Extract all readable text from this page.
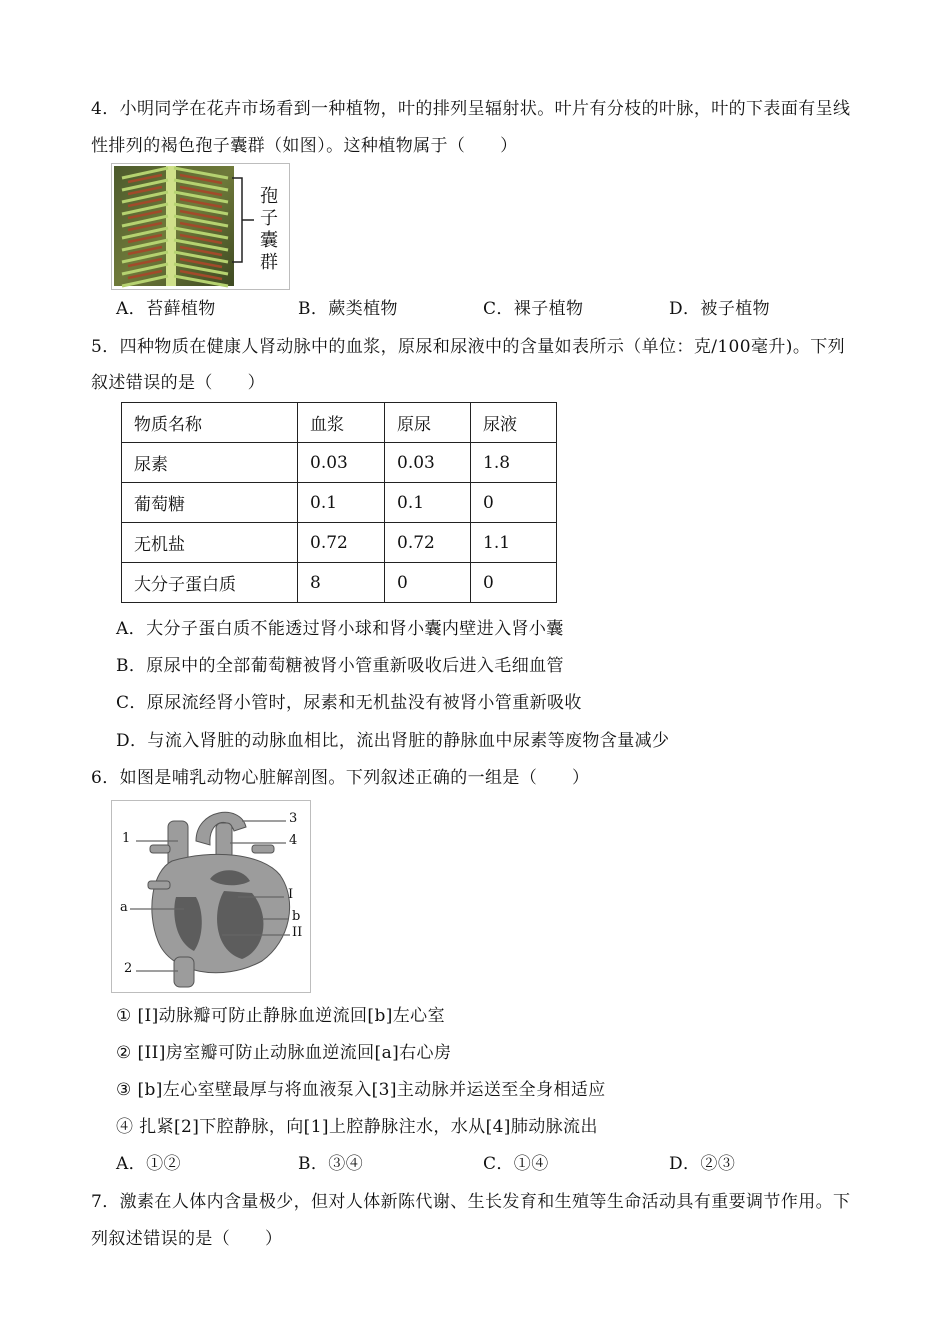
4．小明同学在花卉市场看到一种植物，叶的排列呈辐射状。叶片有分枝的叶脉，叶的下表面有呈线
性排列的褐色孢子囊群（如图）。这种植物属于（　　）
孢子囊群
A．苔藓植物	B．蕨类植物	C．裸子植物	D．被子植物
5．四种物质在健康人肾动脉中的血浆，原尿和尿液中的含量如表所示（单位：克/100毫升)。下列
叙述错误的是（　　）
物质名称	血浆	原尿	尿液
尿素	0.03	0.03	1.8
葡萄糖	0.1	0.1	0
无机盐	0.72	0.72	1.1
大分子蛋白质	8	0	0
A．大分子蛋白质不能透过肾小球和肾小囊内壁进入肾小囊
B．原尿中的全部葡萄糖被肾小管重新吸收后进入毛细血管
C．原尿流经肾小管时，尿素和无机盐没有被肾小管重新吸收
D．与流入肾脏的动脉血相比，流出肾脏的静脉血中尿素等废物含量减少
6．如图是哺乳动物心脏解剖图。下列叙述正确的一组是（　　）
1
3
4
a
I
b
II
2
① [I]动脉瓣可防止静脉血逆流回[b]左心室
② [II]房室瓣可防止动脉血逆流回[a]右心房
③ [b]左心室壁最厚与将血液泵入[3]主动脉并运送至全身相适应
④ 扎紧[2]下腔静脉，向[1]上腔静脉注水，水从[4]肺动脉流出
A．①②	B．③④	C．①④	D．②③
7．激素在人体内含量极少，但对人体新陈代谢、生长发育和生殖等生命活动具有重要调节作用。下
列叙述错误的是（　　）
